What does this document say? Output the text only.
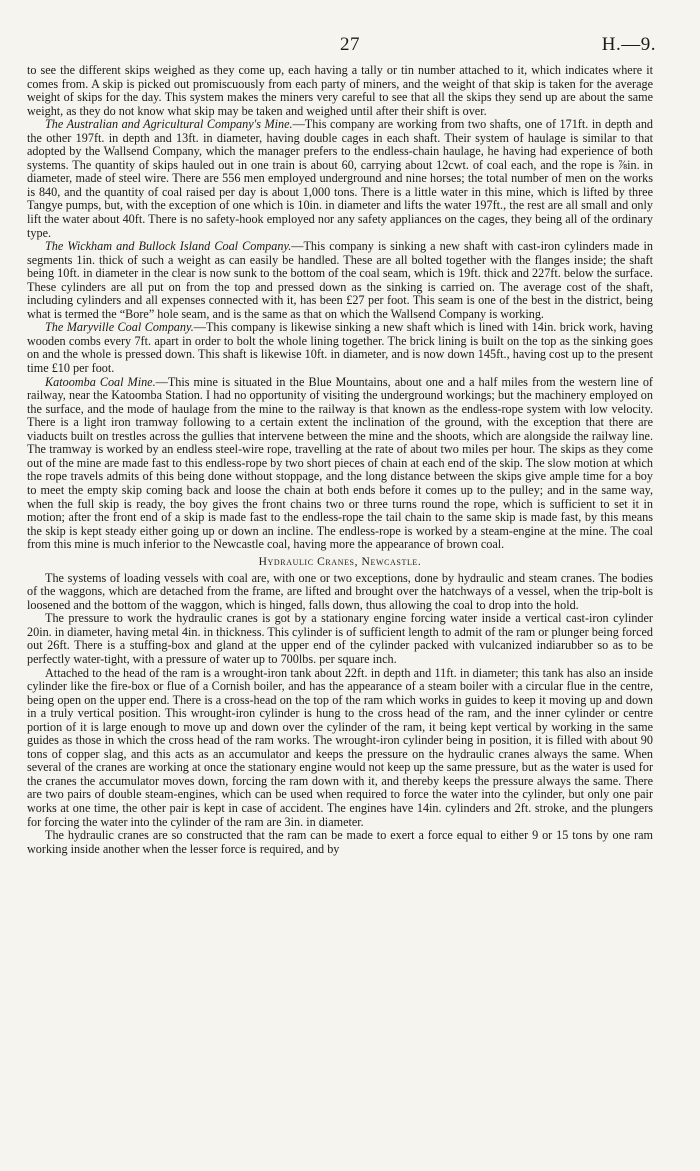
27	H.—9.

to see the different skips weighed as they come up, each having a tally or tin number attached to it, which indicates where it comes from. A skip is picked out promiscuously from each party of miners, and the weight of that skip is taken for the average weight of skips for the day. This system makes the miners very careful to see that all the skips they send up are about the same weight, as they do not know what skip may be taken and weighed until after their shift is over.

The Australian and Agricultural Company's Mine.—This company are working from two shafts, one of 171ft. in depth and the other 197ft. in depth and 13ft. in diameter, having double cages in each shaft. Their system of haulage is similar to that adopted by the Wallsend Company, which the manager prefers to the endless-chain haulage, he having had experience of both systems. The quantity of skips hauled out in one train is about 60, carrying about 12cwt. of coal each, and the rope is ⅞in. in diameter, made of steel wire. There are 556 men employed underground and nine horses; the total number of men on the works is 840, and the quantity of coal raised per day is about 1,000 tons. There is a little water in this mine, which is lifted by three Tangye pumps, but, with the exception of one which is 10in. in diameter and lifts the water 197ft., the rest are all small and only lift the water about 40ft. There is no safety-hook employed nor any safety appliances on the cages, they being all of the ordinary type.

The Wickham and Bullock Island Coal Company.—This company is sinking a new shaft with cast-iron cylinders made in segments 1in. thick of such a weight as can easily be handled. These are all bolted together with the flanges inside; the shaft being 10ft. in diameter in the clear is now sunk to the bottom of the coal seam, which is 19ft. thick and 227ft. below the surface. These cylinders are all put on from the top and pressed down as the sinking is carried on. The average cost of the shaft, including cylinders and all expenses connected with it, has been £27 per foot. This seam is one of the best in the district, being what is termed the “Bore” hole seam, and is the same as that on which the Wallsend Company is working.

The Maryville Coal Company.—This company is likewise sinking a new shaft which is lined with 14in. brick work, having wooden combs every 7ft. apart in order to bolt the whole lining together. The brick lining is built on the top as the sinking goes on and the whole is pressed down. This shaft is likewise 10ft. in diameter, and is now down 145ft., having cost up to the present time £10 per foot.

Katoomba Coal Mine.—This mine is situated in the Blue Mountains, about one and a half miles from the western line of railway, near the Katoomba Station. I had no opportunity of visiting the underground workings; but the machinery employed on the surface, and the mode of haulage from the mine to the railway is that known as the endless-rope system with low velocity. There is a light iron tramway following to a certain extent the inclination of the ground, with the exception that there are viaducts built on trestles across the gullies that intervene between the mine and the shoots, which are alongside the railway line. The tramway is worked by an endless steel-wire rope, travelling at the rate of about two miles per hour. The skips as they come out of the mine are made fast to this endless-rope by two short pieces of chain at each end of the skip. The slow motion at which the rope travels admits of this being done without stoppage, and the long distance between the skips give ample time for a boy to meet the empty skip coming back and loose the chain at both ends before it comes up to the pulley; and in the same way, when the full skip is ready, the boy gives the front chains two or three turns round the rope, which is sufficient to set it in motion; after the front end of a skip is made fast to the endless-rope the tail chain to the same skip is made fast, by this means the skip is kept steady either going up or down an incline. The endless-rope is worked by a steam-engine at the mine. The coal from this mine is much inferior to the Newcastle coal, having more the appearance of brown coal.

Hydraulic Cranes, Newcastle.

The systems of loading vessels with coal are, with one or two exceptions, done by hydraulic and steam cranes. The bodies of the waggons, which are detached from the frame, are lifted and brought over the hatchways of a vessel, when the trip-bolt is loosened and the bottom of the waggon, which is hinged, falls down, thus allowing the coal to drop into the hold.

The pressure to work the hydraulic cranes is got by a stationary engine forcing water inside a vertical cast-iron cylinder 20in. in diameter, having metal 4in. in thickness. This cylinder is of sufficient length to admit of the ram or plunger being forced out 26ft. There is a stuffing-box and gland at the upper end of the cylinder packed with vulcanized indiarubber so as to be perfectly water-tight, with a pressure of water up to 700lbs. per square inch.

Attached to the head of the ram is a wrought-iron tank about 22ft. in depth and 11ft. in diameter; this tank has also an inside cylinder like the fire-box or flue of a Cornish boiler, and has the appearance of a steam boiler with a circular flue in the centre, being open on the upper end. There is a cross-head on the top of the ram which works in guides to keep it moving up and down in a truly vertical position. This wrought-iron cylinder is hung to the cross head of the ram, and the inner cylinder or centre portion of it is large enough to move up and down over the cylinder of the ram, it being kept vertical by working in the same guides as those in which the cross head of the ram works. The wrought-iron cylinder being in position, it is filled with about 90 tons of copper slag, and this acts as an accumulator and keeps the pressure on the hydraulic cranes always the same. When several of the cranes are working at once the stationary engine would not keep up the same pressure, but as the water is used for the cranes the accumulator moves down, forcing the ram down with it, and thereby keeps the pressure always the same. There are two pairs of double steam-engines, which can be used when required to force the water into the cylinder, but only one pair works at one time, the other pair is kept in case of accident. The engines have 14in. cylinders and 2ft. stroke, and the plungers for forcing the water into the cylinder of the ram are 3in. in diameter.

The hydraulic cranes are so constructed that the ram can be made to exert a force equal to either 9 or 15 tons by one ram working inside another when the lesser force is required, and by
